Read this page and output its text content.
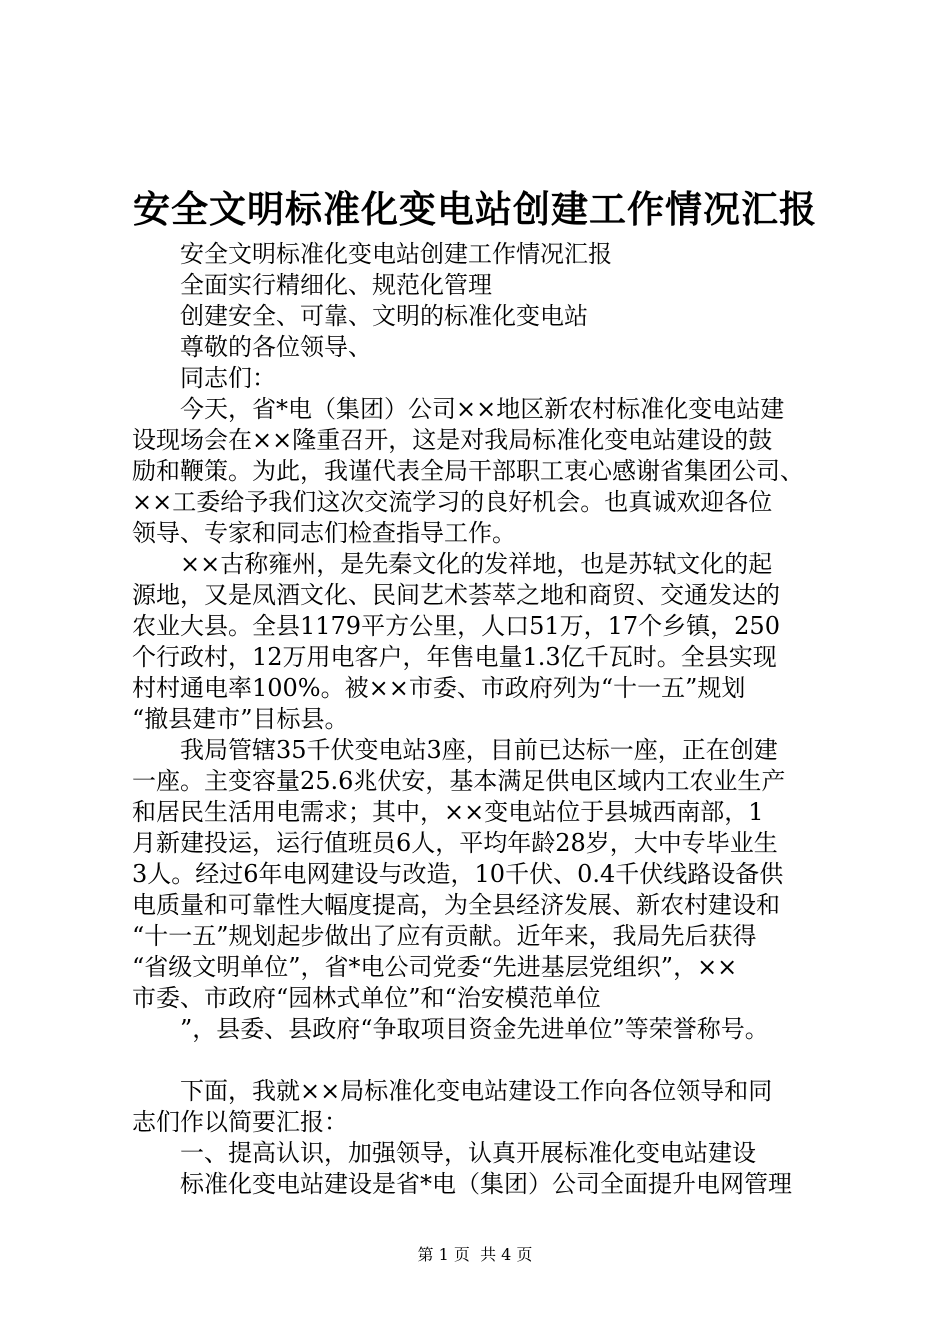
安全文明标准化变电站创建工作情况汇报
　　安全文明标准化变电站创建工作情况汇报
　　全面实行精细化、规范化管理
　　创建安全、可靠、文明的标准化变电站
　　尊敬的各位领导、
　　同志们：
　　今天，省*电（集团）公司××地区新农村标准化变电站建
设现场会在××隆重召开，这是对我局标准化变电站建设的鼓
励和鞭策。为此，我谨代表全局干部职工衷心感谢省集团公司、
××工委给予我们这次交流学习的良好机会。也真诚欢迎各位
领导、专家和同志们检查指导工作。
　　××古称雍州，是先秦文化的发祥地，也是苏轼文化的起
源地，又是凤酒文化、民间艺术荟萃之地和商贸、交通发达的
农业大县。全县1179平方公里，人口51万，17个乡镇，250
个行政村，12万用电客户，年售电量1.3亿千瓦时。全县实现
村村通电率100%。被××市委、市政府列为“十一五”规划
“撤县建市”目标县。
　　我局管辖35千伏变电站3座，目前已达标一座，正在创建
一座。主变容量25.6兆伏安，基本满足供电区域内工农业生产
和居民生活用电需求；其中，××变电站位于县城西南部，1
月新建投运，运行值班员6人，平均年龄28岁，大中专毕业生
3人。经过6年电网建设与改造，10千伏、0.4千伏线路设备供
电质量和可靠性大幅度提高，为全县经济发展、新农村建设和
“十一五”规划起步做出了应有贡献。近年来，我局先后获得
“省级文明单位”，省*电公司党委“先进基层党组织”，××
市委、市政府“园林式单位”和“治安模范单位
　　”，县委、县政府“争取项目资金先进单位”等荣誉称号。
　　下面，我就××局标准化变电站建设工作向各位领导和同
志们作以简要汇报：
　　一、提高认识，加强领导，认真开展标准化变电站建设
　　标准化变电站建设是省*电（集团）公司全面提升电网管理
第 1 页  共 4 页
